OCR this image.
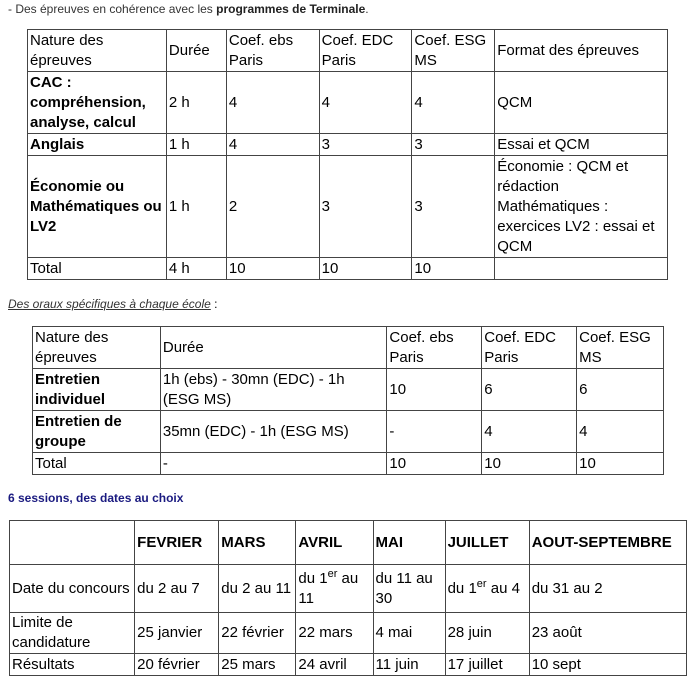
- Des épreuves en cohérence avec les programmes de Terminale.
Nature des épreuves	Durée	Coef. ebs Paris	Coef. EDC Paris	Coef. ESG MS	Format des épreuves
CAC : compréhension, analyse, calcul	2 h	4	4	4	QCM
Anglais	1 h	4	3	3	Essai et QCM
Économie ou Mathématiques ou LV2	1 h	2	3	3	Économie : QCM et rédaction Mathématiques : exercices LV2 : essai et QCM
Total	4 h	10	10	10	
Des oraux spécifiques à chaque école :
Nature des épreuves	Durée	Coef. ebs Paris	Coef. EDC Paris	Coef. ESG MS
Entretien individuel	1h (ebs) - 30mn (EDC) - 1h (ESG MS)	10	6	6
Entretien de groupe	35mn (EDC) - 1h (ESG MS)	-	4	4
Total	-	10	10	10
6 sessions, des dates au choix
	FEVRIER	MARS	AVRIL	MAI	JUILLET	AOUT-SEPTEMBRE
Date du concours	du 2 au 7	du 2 au 11	du 1er au 11	du 11 au 30	du 1er au 4	du 31 au 2
Limite de candidature	25 janvier	22 février	22 mars	4 mai	28 juin	23 août
Résultats	20 février	25 mars	24 avril	11 juin	17 juillet	10 sept
